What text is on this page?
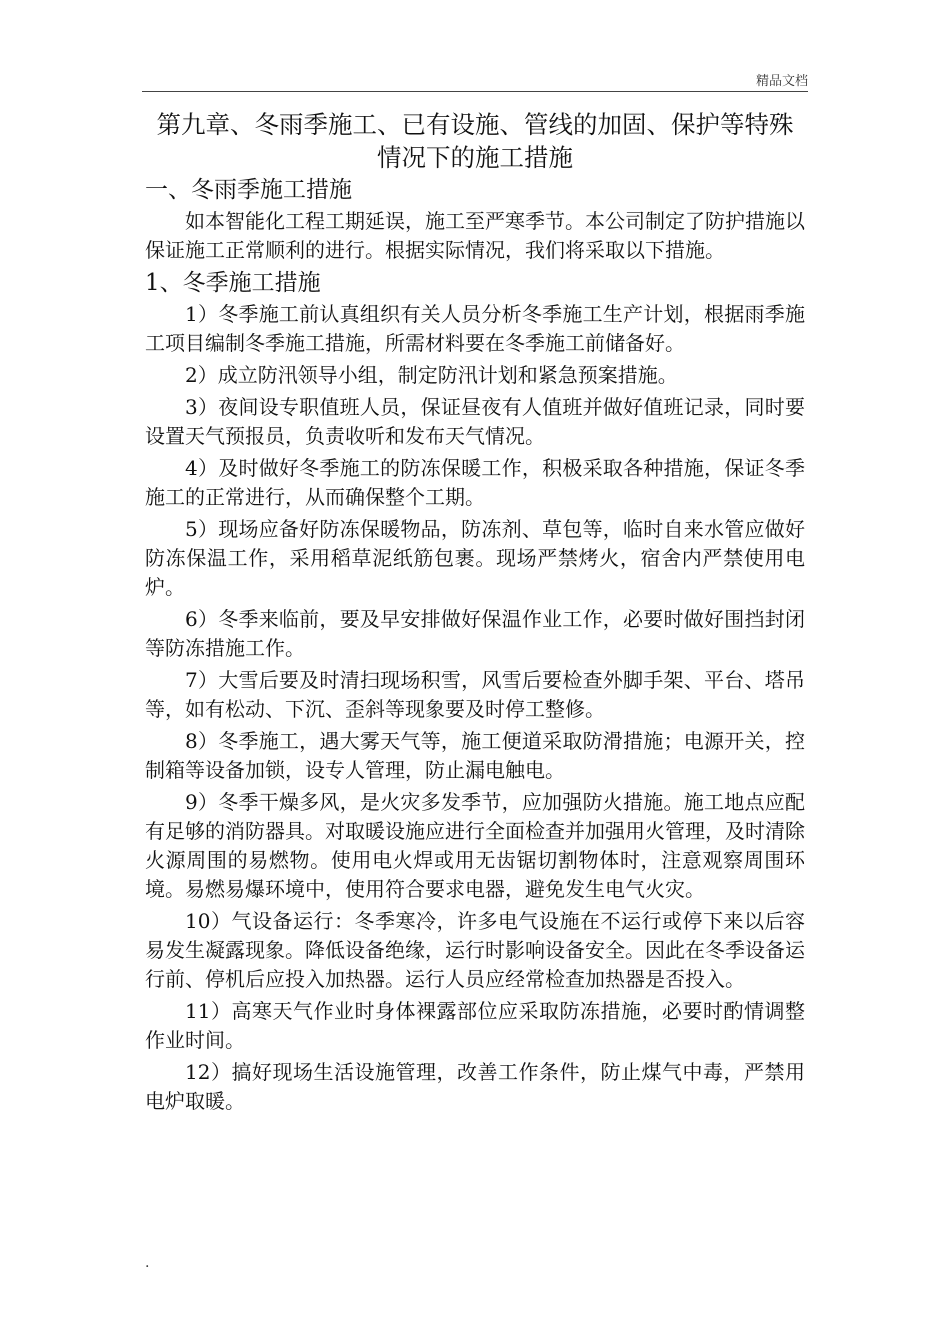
精品文档
第九章、冬雨季施工、已有设施、管线的加固、保护等特殊情况下的施工措施
一、冬雨季施工措施

如本智能化工程工期延误，施工至严寒季节。本公司制定了防护措施以保证施工正常顺利的进行。根据实际情况，我们将采取以下措施。

1、冬季施工措施

1）冬季施工前认真组织有关人员分析冬季施工生产计划，根据雨季施工项目编制冬季施工措施，所需材料要在冬季施工前储备好。

2）成立防汛领导小组，制定防汛计划和紧急预案措施。

3）夜间设专职值班人员，保证昼夜有人值班并做好值班记录，同时要设置天气预报员，负责收听和发布天气情况。

4）及时做好冬季施工的防冻保暖工作，积极采取各种措施，保证冬季施工的正常进行，从而确保整个工期。

5）现场应备好防冻保暖物品，防冻剂、草包等，临时自来水管应做好防冻保温工作，采用稻草泥纸筋包裹。现场严禁烤火，宿舍内严禁使用电炉。

6）冬季来临前，要及早安排做好保温作业工作，必要时做好围挡封闭等防冻措施工作。

7）大雪后要及时清扫现场积雪，风雪后要检查外脚手架、平台、塔吊等，如有松动、下沉、歪斜等现象要及时停工整修。

8）冬季施工，遇大雾天气等，施工便道采取防滑措施；电源开关，控制箱等设备加锁，设专人管理，防止漏电触电。

9）冬季干燥多风，是火灾多发季节，应加强防火措施。施工地点应配有足够的消防器具。对取暖设施应进行全面检查并加强用火管理，及时清除火源周围的易燃物。使用电火焊或用无齿锯切割物体时，注意观察周围环境。易燃易爆环境中，使用符合要求电器，避免发生电气火灾。

10）气设备运行：冬季寒冷，许多电气设施在不运行或停下来以后容易发生凝露现象。降低设备绝缘，运行时影响设备安全。因此在冬季设备运行前、停机后应投入加热器。运行人员应经常检查加热器是否投入。

11）高寒天气作业时身体裸露部位应采取防冻措施，必要时酌情调整作业时间。

12）搞好现场生活设施管理，改善工作条件，防止煤气中毒，严禁用电炉取暖。

.
